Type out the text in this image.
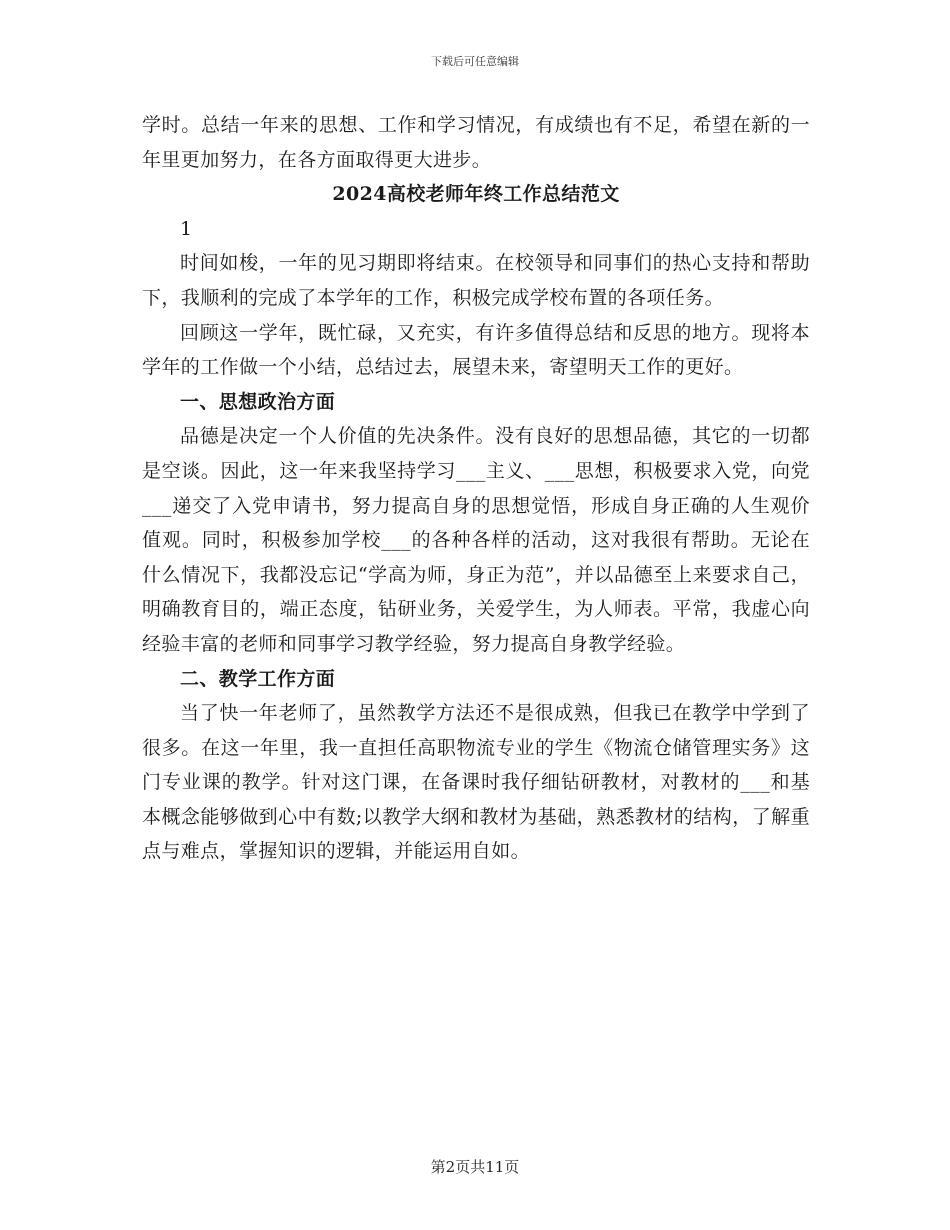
下载后可任意编辑

学时。总结一年来的思想、工作和学习情况，有成绩也有不足，希望在新的一年里更加努力，在各方面取得更大进步。

2024高校老师年终工作总结范文

1

时间如梭，一年的见习期即将结束。在校领导和同事们的热心支持和帮助下，我顺利的完成了本学年的工作，积极完成学校布置的各项任务。

回顾这一学年，既忙碌，又充实，有许多值得总结和反思的地方。现将本学年的工作做一个小结，总结过去，展望未来，寄望明天工作的更好。

一、思想政治方面

品德是决定一个人价值的先决条件。没有良好的思想品德，其它的一切都是空谈。因此，这一年来我坚持学习___主义、___思想，积极要求入党，向党___递交了入党申请书，努力提高自身的思想觉悟，形成自身正确的人生观价值观。同时，积极参加学校___的各种各样的活动，这对我很有帮助。无论在什么情况下，我都没忘记“学高为师，身正为范”，并以品德至上来要求自己，明确教育目的，端正态度，钻研业务，关爱学生，为人师表。平常，我虚心向经验丰富的老师和同事学习教学经验，努力提高自身教学经验。

二、教学工作方面

当了快一年老师了，虽然教学方法还不是很成熟，但我已在教学中学到了很多。在这一年里，我一直担任高职物流专业的学生《物流仓储管理实务》这门专业课的教学。针对这门课，在备课时我仔细钻研教材，对教材的___和基本概念能够做到心中有数;以教学大纲和教材为基础，熟悉教材的结构，了解重点与难点，掌握知识的逻辑，并能运用自如。

第2页共11页
